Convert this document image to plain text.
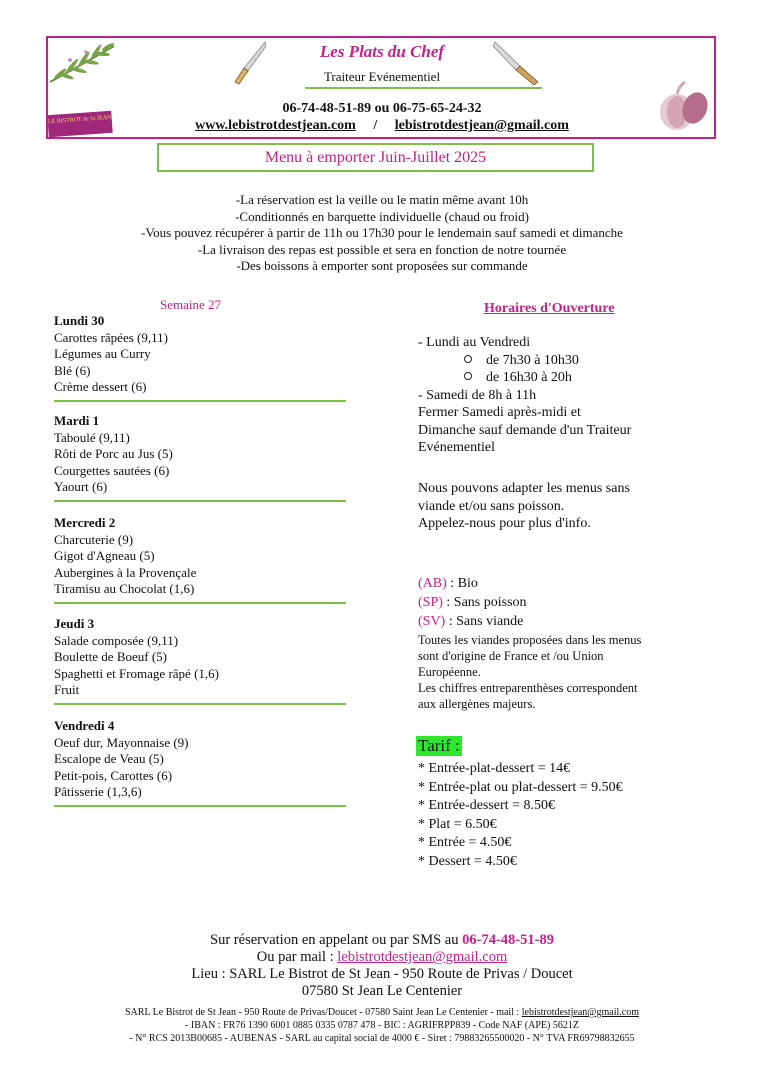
LE BISTROT de St JEAN
Les Plats du Chef
Traiteur Evénementiel
06-74-48-51-89 ou 06-75-65-24-32
www.lebistrotdestjean.com / lebistrotdestjean@gmail.com
Menu à emporter Juin-Juillet 2025
-La réservation est la veille ou le matin même avant 10h
-Conditionnés en barquette individuelle (chaud ou froid)
-Vous pouvez récupérer à partir de 11h ou 17h30 pour le lendemain sauf samedi et dimanche
-La livraison des repas est possible et sera en fonction de notre tournée
-Des boissons à emporter sont proposées sur commande
Semaine 27
Lundi 30
Carottes râpées (9,11)
Légumes au Curry
Blé (6)
Crème dessert (6)
Mardi 1
Taboulé (9,11)
Rôti de Porc au Jus (5)
Courgettes sautées (6)
Yaourt (6)
Mercredi 2
Charcuterie (9)
Gigot d'Agneau (5)
Aubergines à la Provençale
Tiramisu au Chocolat (1,6)
Jeudi 3
Salade composée (9,11)
Boulette de Boeuf (5)
Spaghetti et Fromage râpé (1,6)
Fruit
Vendredi 4
Oeuf dur, Mayonnaise (9)
Escalope de Veau (5)
Petit-pois, Carottes (6)
Pâtisserie (1,3,6)
Horaires d'Ouverture
- Lundi au Vendredi
de 7h30 à 10h30
de 16h30 à 20h
- Samedi de 8h à 11h
Fermer Samedi après-midi et
Dimanche sauf demande d'un Traiteur
Evénementiel
Nous pouvons adapter les menus sans
viande et/ou sans poisson.
Appelez-nous pour plus d'info.
(AB) : Bio
(SP) : Sans poisson
(SV) : Sans viande
Toutes les viandes proposées dans les menus
sont d'origine de France et /ou Union
Européenne.
Les chiffres entreparenthèses correspondent
aux allergènes majeurs.
Tarif :
* Entrée-plat-dessert = 14€
* Entrée-plat ou plat-dessert = 9.50€
* Entrée-dessert = 8.50€
* Plat = 6.50€
* Entrée = 4.50€
* Dessert = 4.50€
Sur réservation en appelant ou par SMS au 06-74-48-51-89
Ou par mail : lebistrotdestjean@gmail.com
Lieu : SARL Le Bistrot de St Jean - 950 Route de Privas / Doucet
07580 St Jean Le Centenier
SARL Le Bistrot de St Jean - 950 Route de Privas/Doucet - 07580 Saint Jean Le Centenier - mail : lebistrotdestjean@gmail.com
- IBAN : FR76 1390 6001 0885 0335 0787 478 - BIC : AGRIFRPP839 - Code NAF (APE) 5621Z
- N° RCS 2013B00685 - AUBENAS - SARL au capital social de 4000 € - Siret : 79883265500020 - N° TVA FR69798832655
